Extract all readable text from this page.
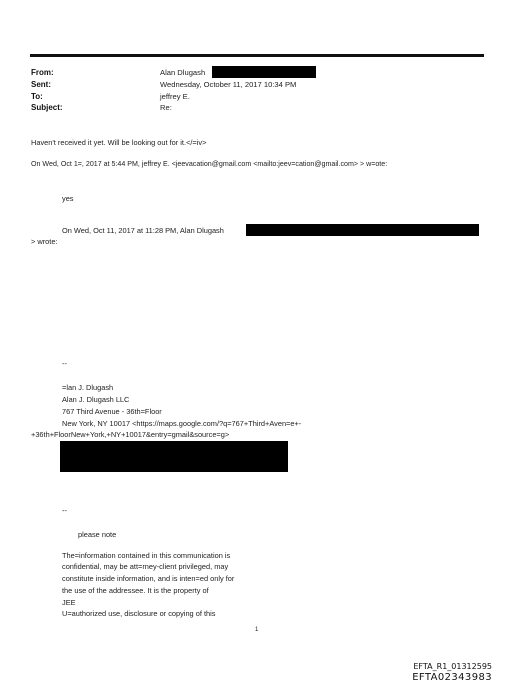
From:	Alan Dlugash
Sent:	Wednesday, October 11, 2017 10:34 PM
To:	jeffrey E.
Subject:	Re:
Haven't received it yet. Will be looking out for it.</=iv>
On Wed, Oct 1=, 2017 at 5:44 PM, jeffrey E. <jeevacation@gmail.com <mailto:jeev=cation@gmail.com> > w=ote:
yes
On Wed, Oct 11, 2017 at 11:28 PM, Alan Dlugash
> wrote:
--
=lan J. Dlugash
Alan J. Dlugash LLC
767 Third Avenue - 36th=Floor
New York, NY 10017 <https://maps.google.com/?q=767+Third+Aven=e+-
+36th+FloorNew+York,+NY+10017&entry=gmail&source=g>
--
please note
The=information contained in this communication is
confidential, may be att=rney-client privileged, may
constitute inside information, and is inten=ed only for
the use of the addressee. It is the property of
JEE
U=authorized use, disclosure or copying of this
1
EFTA_R1_01312595
EFTA02343983
